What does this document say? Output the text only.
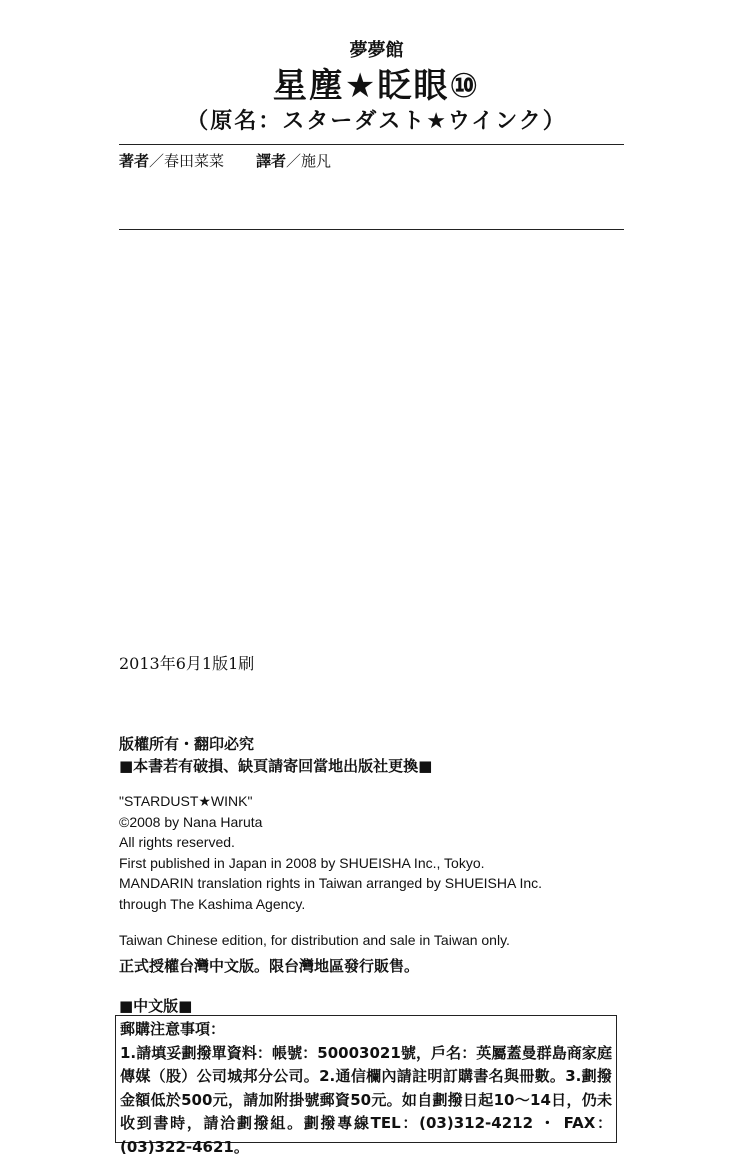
夢夢館
星塵★眨眼⑩
（原名：スターダスト★ウインク）
著者／春田菜菜 譯者／施凡
2013年6月1版1刷
版權所有・翻印必究
■本書若有破損、缺頁請寄回當地出版社更換■
"STARDUST★WINK"
©2008 by Nana Haruta
All rights reserved.
First published in Japan in 2008 by SHUEISHA Inc., Tokyo.
MANDARIN translation rights in Taiwan arranged by SHUEISHA Inc.
through The Kashima Agency.
Taiwan Chinese edition, for distribution and sale in Taiwan only.
正式授權台灣中文版。限台灣地區發行販售。
■中文版■
郵購注意事項：
1.請填妥劃撥單資料：帳號：50003021號，戶名：英屬蓋曼群島商家庭傳媒（股）公司城邦分公司。2.通信欄內請註明訂購書名與冊數。3.劃撥金額低於500元，請加附掛號郵資50元。如自劃撥日起10～14日，仍未收到書時，請洽劃撥組。劃撥專線TEL：(03)312-4212 ・ FAX：(03)322-4621。
